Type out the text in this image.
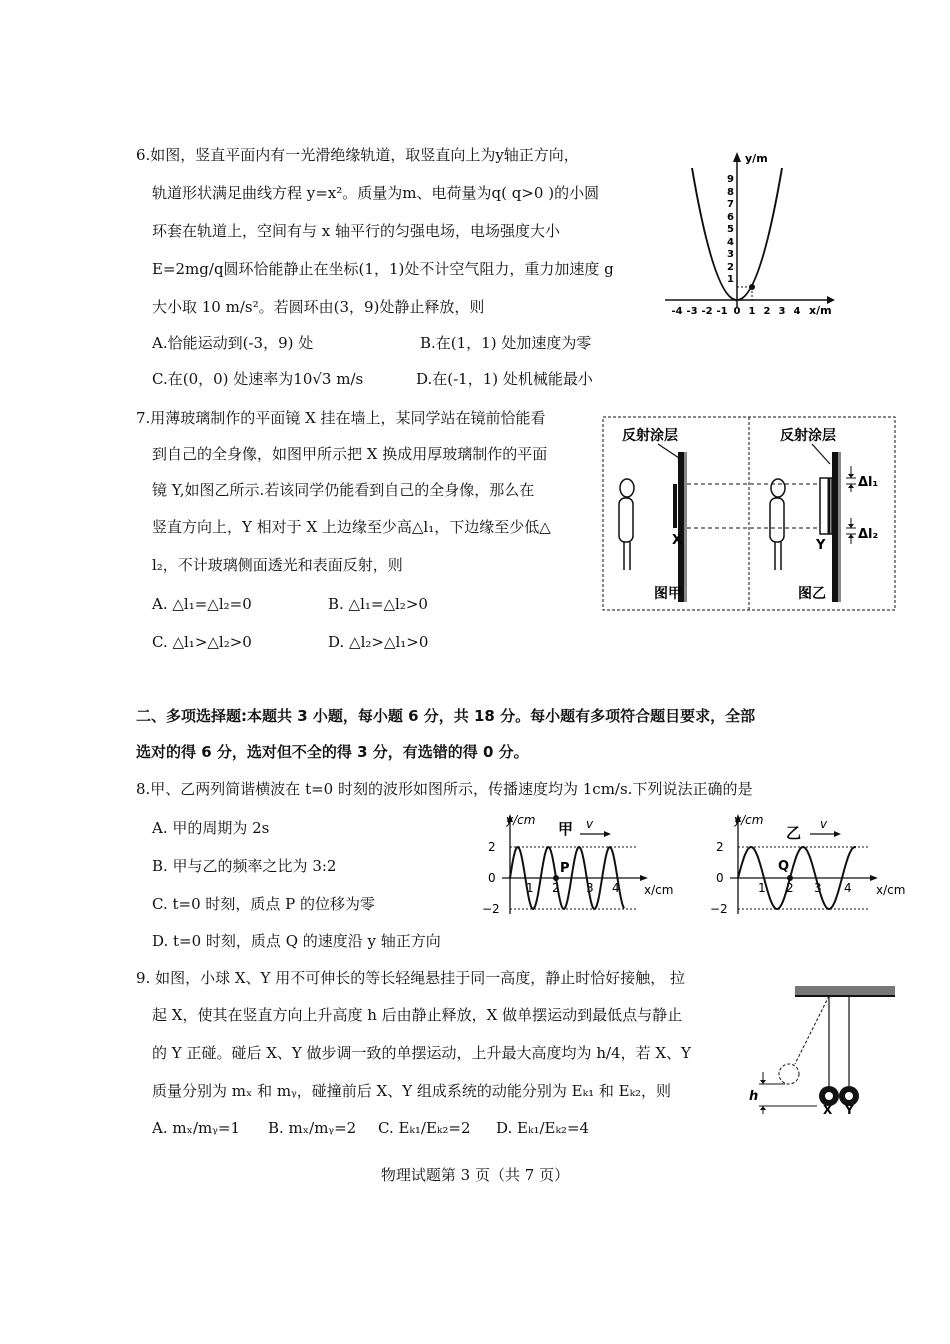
6.如图，竖直平面内有一光滑绝缘轨道，取竖直向上为y轴正方向，
轨道形状满足曲线方程 y=x²。质量为m、电荷量为q( q>0 )的小圆
环套在轨道上，空间有与 x 轴平行的匀强电场，电场强度大小
E=2mg/q圆环恰能静止在坐标(1，1)处不计空气阻力，重力加速度 g
大小取 10 m/s²。若圆环由(3，9)处静止释放，则
A.恰能运动到(-3，9) 处	B.在(1，1) 处加速度为零
C.在(0，0) 处速率为10√3 m/s	D.在(-1，1) 处机械能最小
y/m
x/m
9
8
7
6
5
4
3
2
1
-4 -3 -2 -1 0 1 2 3 4
7.用薄玻璃制作的平面镜 X 挂在墙上，某同学站在镜前恰能看
到自己的全身像，如图甲所示把 X 换成用厚玻璃制作的平面
镜 Y,如图乙所示.若该同学仍能看到自己的全身像，那么在
竖直方向上，Y 相对于 X 上边缘至少高△l₁，下边缘至少低△
l₂，不计玻璃侧面透光和表面反射，则
A. △l₁=△l₂=0	B. △l₁=△l₂>0
C. △l₁>△l₂>0	D. △l₂>△l₁>0
反射涂层	反射涂层
X	Y
Δl₁
Δl₂
图甲	图乙
二、多项选择题:本题共 3 小题，每小题 6 分，共 18 分。每小题有多项符合题目要求，全部
选对的得 6 分，选对但不全的得 3 分，有选错的得 0 分。
8.甲、乙两列简谐横波在 t=0 时刻的波形如图所示，传播速度均为 1cm/s.下列说法正确的是
A. 甲的周期为 2s
B. 甲与乙的频率之比为 3:2
C. t=0 时刻，质点 P 的位移为零
D. t=0 时刻，质点 Q 的速度沿 y 轴正方向
y/cm 甲 v
x/cm
2
0
−2
1 2 3 4
P
y/cm
乙 v
x/cm
2
0
−2
1 2 3 4
Q
9. 如图，小球 X、Y 用不可伸长的等长轻绳悬挂于同一高度，静止时恰好接触， 拉
起 X，使其在竖直方向上升高度 h 后由静止释放，X 做单摆运动到最低点与静止
的 Y 正碰。碰后 X、Y 做步调一致的单摆运动，上升最大高度均为 h/4，若 X、Y
质量分别为 mₓ 和 mᵧ，碰撞前后 X、Y 组成系统的动能分别为 Eₖ₁ 和 Eₖ₂，则
A. mₓ/mᵧ=1 B. mₓ/mᵧ=2 C. Eₖ₁/Eₖ₂=2 D. Eₖ₁/Eₖ₂=4
h
X Y
物理试题第 3 页（共 7 页）
